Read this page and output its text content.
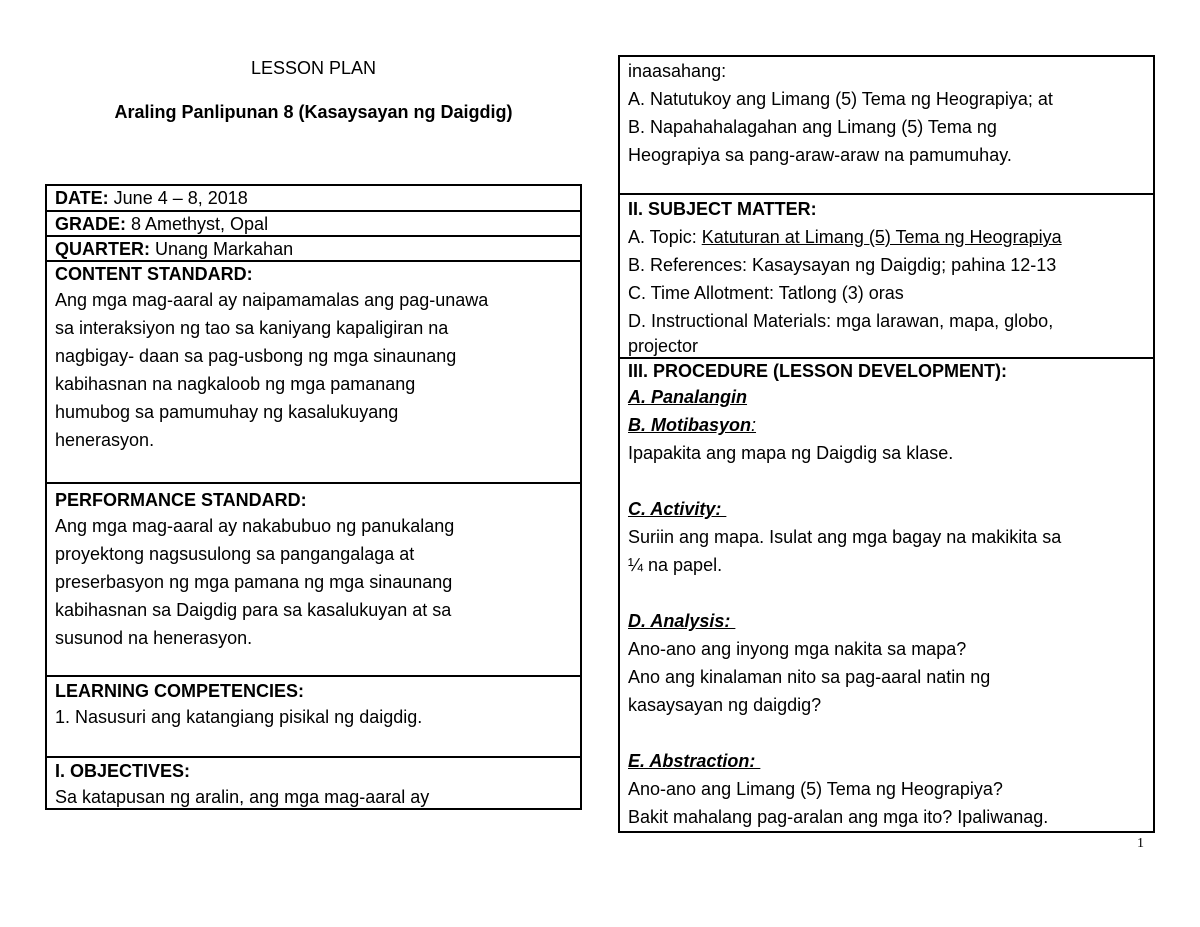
LESSON PLAN
Araling Panlipunan 8 (Kasaysayan ng Daigdig)
DATE: June 4 – 8, 2018
GRADE: 8 Amethyst, Opal
QUARTER: Unang Markahan
CONTENT STANDARD:
Ang mga mag-aaral ay naipamamalas ang pag-unawa
sa interaksiyon ng tao sa kaniyang kapaligiran na
nagbigay- daan sa pag-usbong ng mga sinaunang
kabihasnan na nagkaloob ng mga pamanang
humubog sa pamumuhay ng kasalukuyang
henerasyon.
PERFORMANCE STANDARD:
Ang mga mag-aaral ay nakabubuo ng panukalang
proyektong nagsusulong sa pangangalaga at
preserbasyon ng mga pamana ng mga sinaunang
kabihasnan sa Daigdig para sa kasalukuyan at sa
susunod na henerasyon.
LEARNING COMPETENCIES:
1. Nasusuri ang katangiang pisikal ng daigdig.
I. OBJECTIVES:
Sa katapusan ng aralin, ang mga mag-aaral ay
inaasahang:
A. Natutukoy ang Limang (5) Tema ng Heograpiya; at
B. Napahahalagahan ang Limang (5) Tema ng
Heograpiya sa pang-araw-araw na pamumuhay.
II. SUBJECT MATTER:
A. Topic: Katuturan at Limang (5) Tema ng Heograpiya
B. References: Kasaysayan ng Daigdig; pahina 12-13
C. Time Allotment: Tatlong (3) oras
D. Instructional Materials: mga larawan, mapa, globo,
projector
III. PROCEDURE (LESSON DEVELOPMENT):
A. Panalangin
B. Motibasyon:
Ipapakita ang mapa ng Daigdig sa klase.
C. Activity:
Suriin ang mapa. Isulat ang mga bagay na makikita sa
¼ na papel.
D. Analysis:
Ano-ano ang inyong mga nakita sa mapa?
Ano ang kinalaman nito sa pag-aaral natin ng
kasaysayan ng daigdig?
E. Abstraction:
Ano-ano ang Limang (5) Tema ng Heograpiya?
Bakit mahalang pag-aralan ang mga ito? Ipaliwanag.
1
